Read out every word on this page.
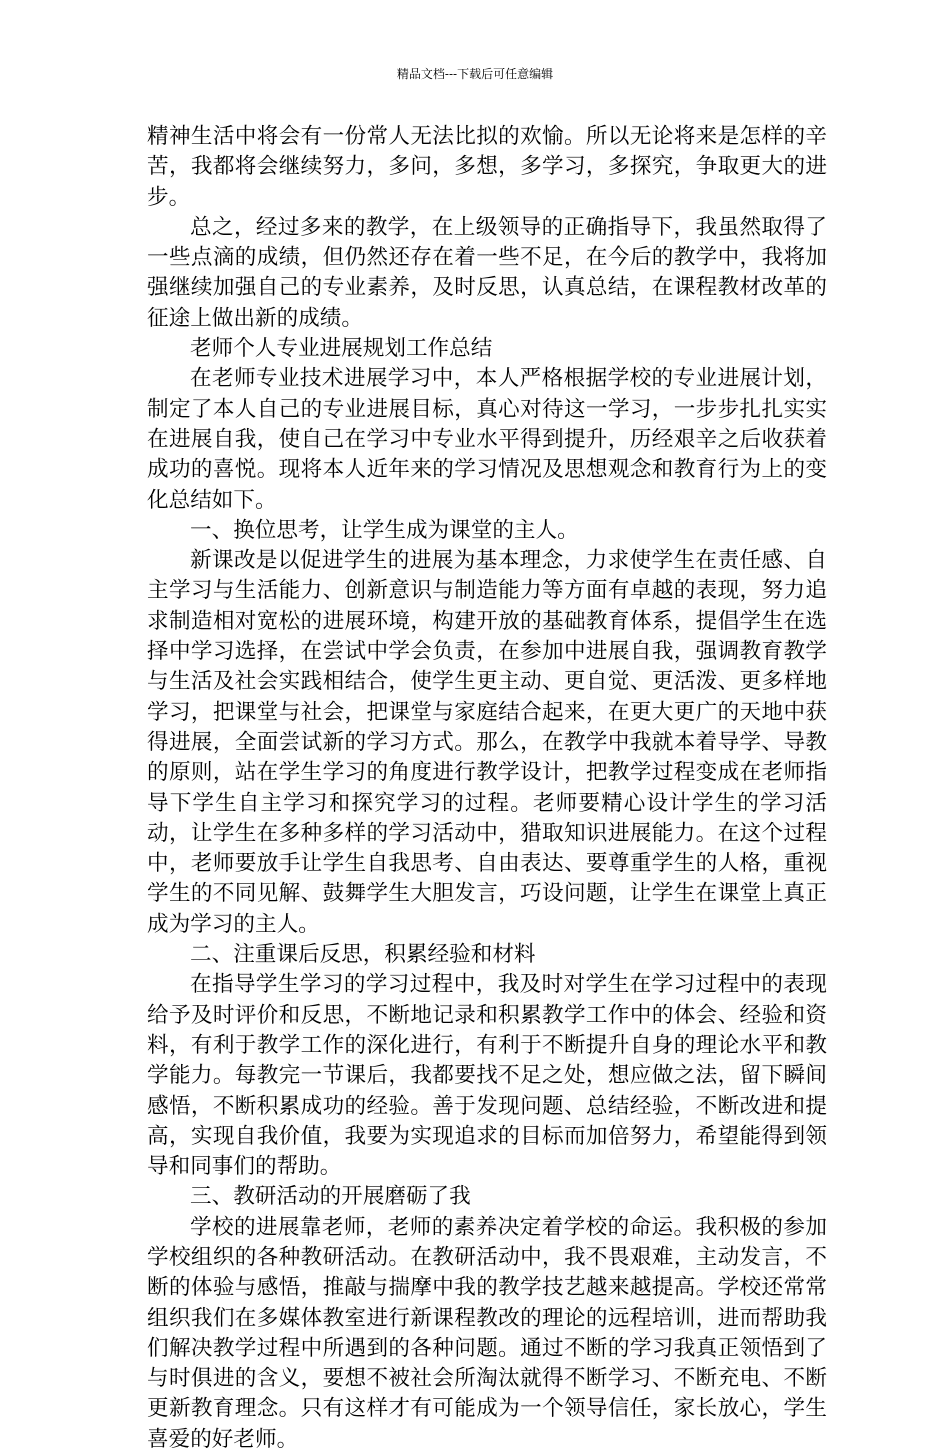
精品文档---下载后可任意编辑

精神生活中将会有一份常人无法比拟的欢愉。所以无论将来是怎样的辛苦，我都将会继续努力，多问，多想，多学习，多探究，争取更大的进步。

总之，经过多来的教学，在上级领导的正确指导下，我虽然取得了一些点滴的成绩，但仍然还存在着一些不足，在今后的教学中，我将加强继续加强自己的专业素养，及时反思，认真总结，在课程教材改革的征途上做出新的成绩。

老师个人专业进展规划工作总结

在老师专业技术进展学习中，本人严格根据学校的专业进展计划，制定了本人自己的专业进展目标，真心对待这一学习，一步步扎扎实实在进展自我，使自己在学习中专业水平得到提升，历经艰辛之后收获着成功的喜悦。现将本人近年来的学习情况及思想观念和教育行为上的变化总结如下。

一、换位思考，让学生成为课堂的主人。

新课改是以促进学生的进展为基本理念，力求使学生在责任感、自主学习与生活能力、创新意识与制造能力等方面有卓越的表现，努力追求制造相对宽松的进展环境，构建开放的基础教育体系，提倡学生在选择中学习选择，在尝试中学会负责，在参加中进展自我，强调教育教学与生活及社会实践相结合，使学生更主动、更自觉、更活泼、更多样地学习，把课堂与社会，把课堂与家庭结合起来，在更大更广的天地中获得进展，全面尝试新的学习方式。那么，在教学中我就本着导学、导教的原则，站在学生学习的角度进行教学设计，把教学过程变成在老师指导下学生自主学习和探究学习的过程。老师要精心设计学生的学习活动，让学生在多种多样的学习活动中，猎取知识进展能力。在这个过程中，老师要放手让学生自我思考、自由表达、要尊重学生的人格，重视学生的不同见解、鼓舞学生大胆发言，巧设问题，让学生在课堂上真正成为学习的主人。

二、注重课后反思，积累经验和材料

在指导学生学习的学习过程中，我及时对学生在学习过程中的表现给予及时评价和反思，不断地记录和积累教学工作中的体会、经验和资料，有利于教学工作的深化进行，有利于不断提升自身的理论水平和教学能力。每教完一节课后，我都要找不足之处，想应做之法，留下瞬间感悟，不断积累成功的经验。善于发现问题、总结经验，不断改进和提高，实现自我价值，我要为实现追求的目标而加倍努力，希望能得到领导和同事们的帮助。

三、教研活动的开展磨砺了我

学校的进展靠老师，老师的素养决定着学校的命运。我积极的参加学校组织的各种教研活动。在教研活动中，我不畏艰难，主动发言，不断的体验与感悟，推敲与揣摩中我的教学技艺越来越提高。学校还常常组织我们在多媒体教室进行新课程教改的理论的远程培训，进而帮助我们解决教学过程中所遇到的各种问题。通过不断的学习我真正领悟到了与时俱进的含义，要想不被社会所淘汰就得不断学习、不断充电、不断更新教育理念。只有这样才有可能成为一个领导信任，家长放心，学生喜爱的好老师。
